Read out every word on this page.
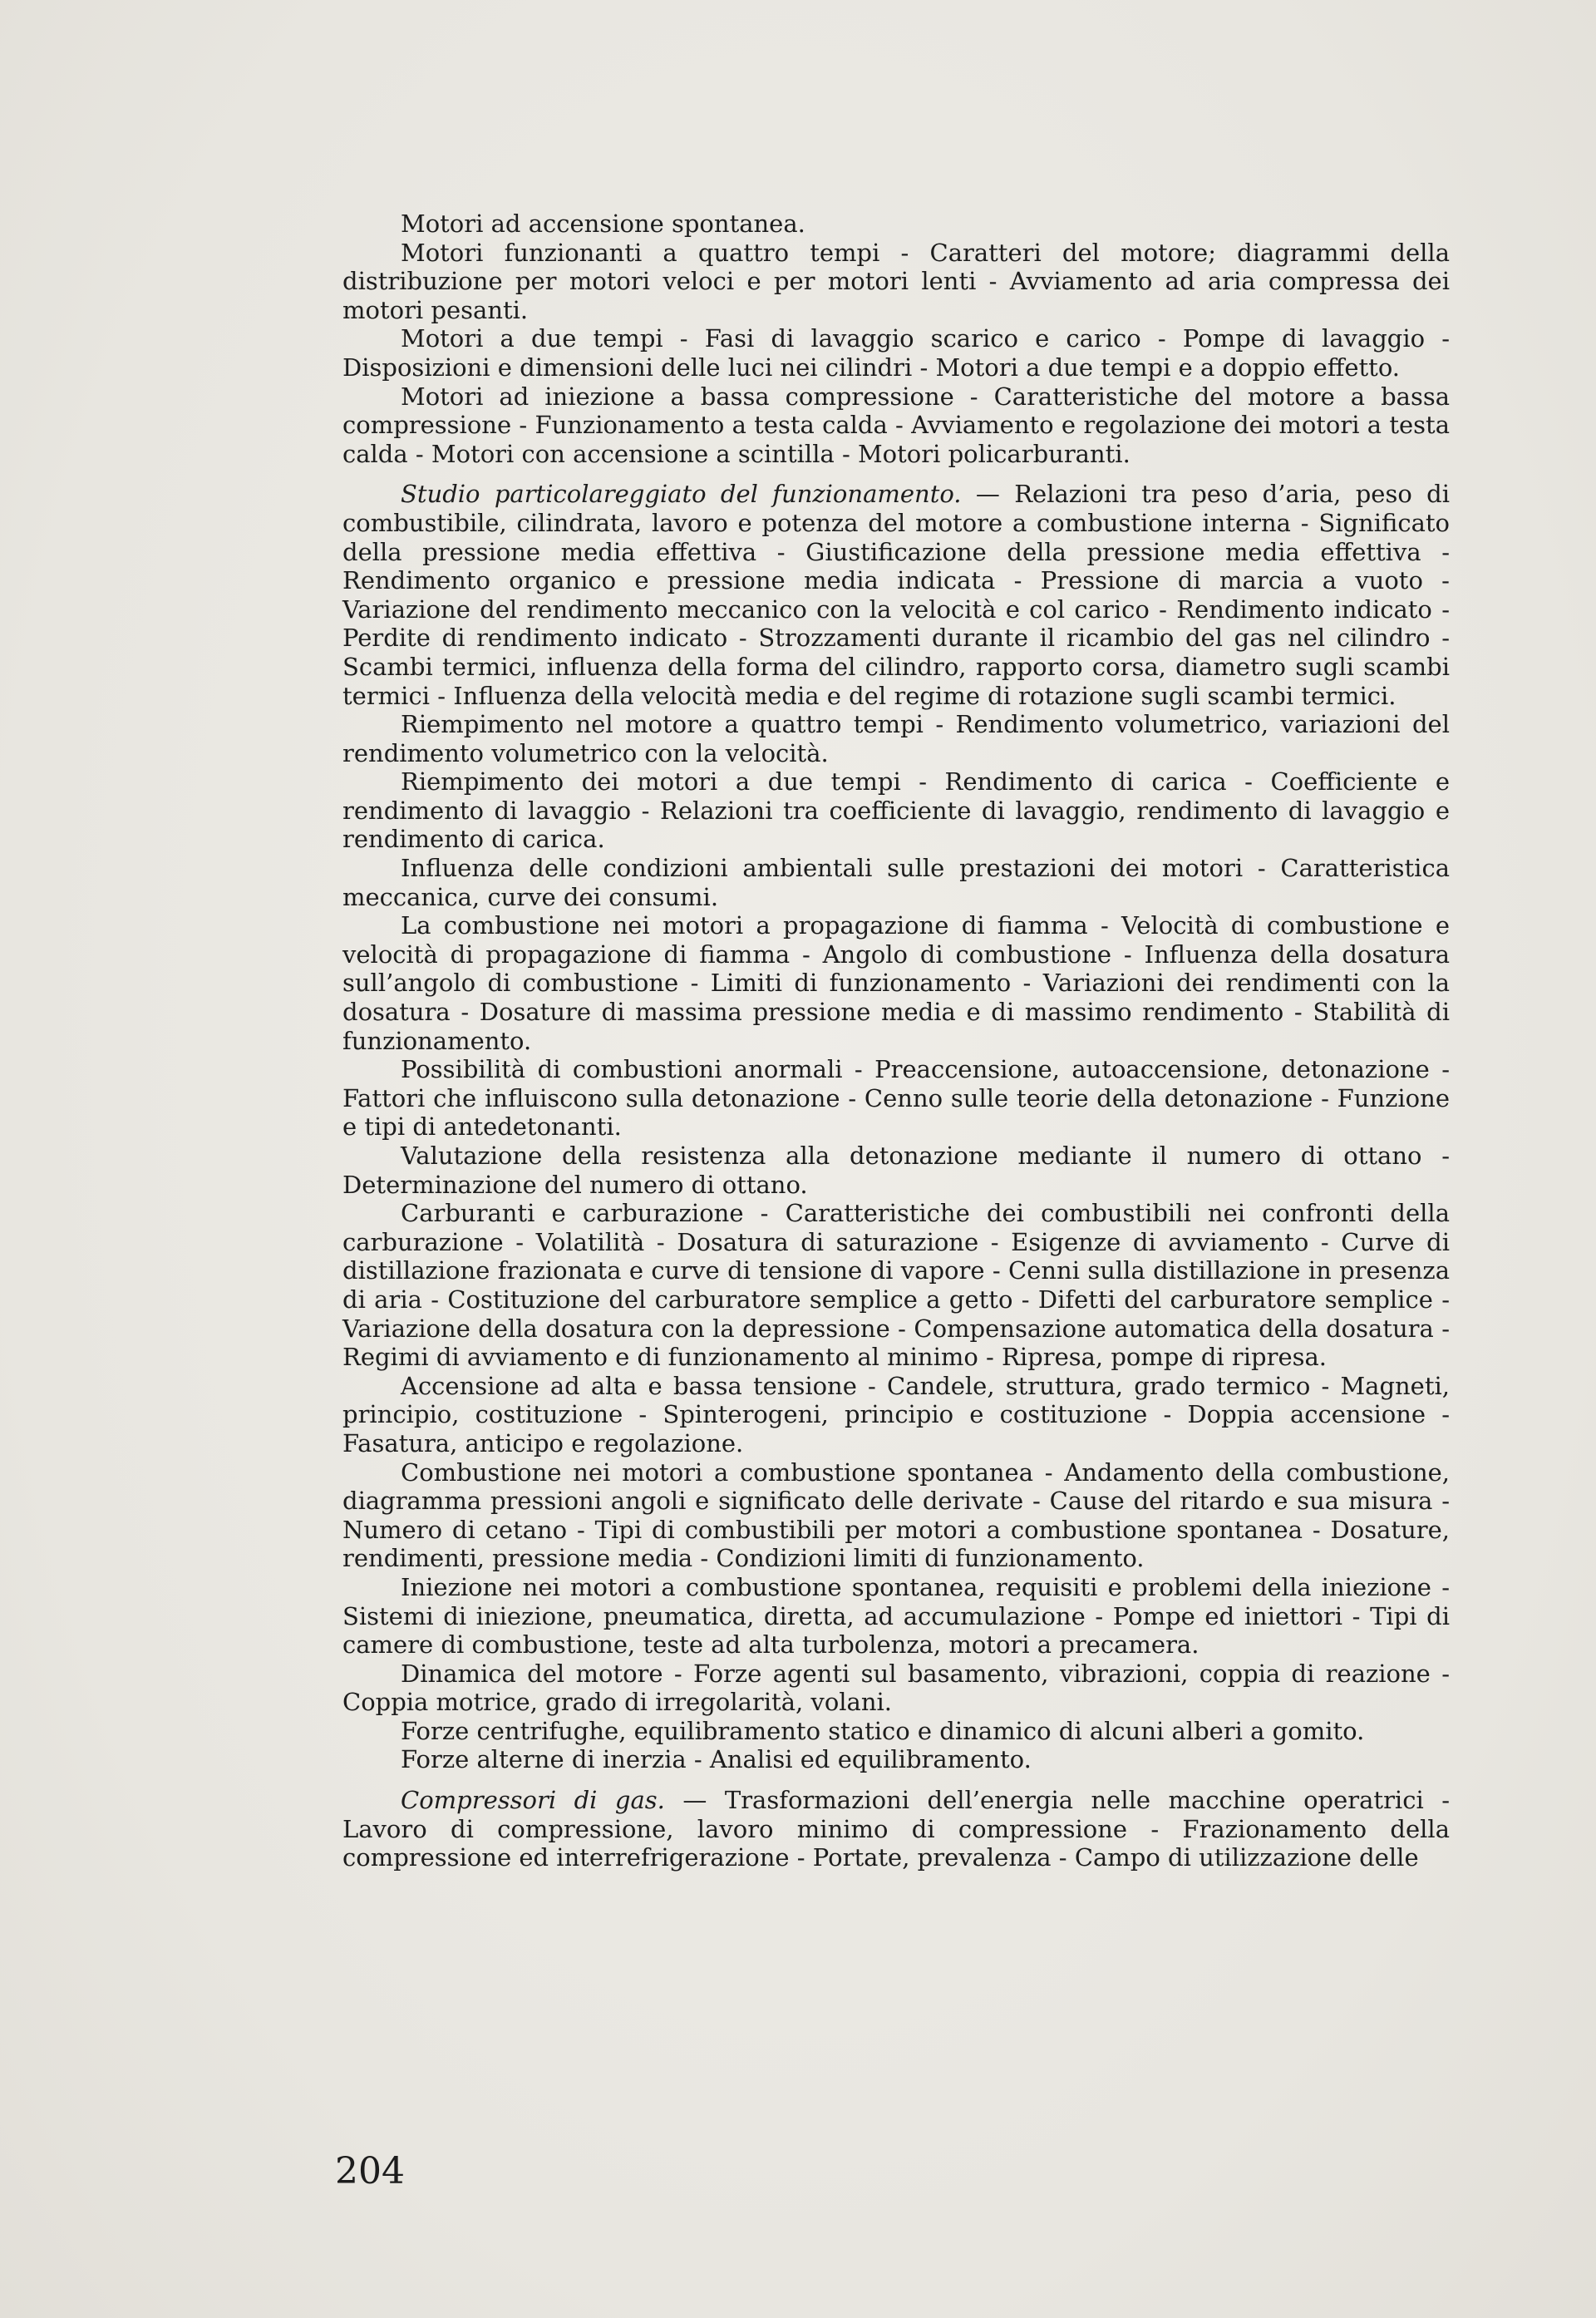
Motori ad accensione spontanea.

Motori funzionanti a quattro tempi - Caratteri del motore; diagrammi della distribuzione per motori veloci e per motori lenti - Avviamento ad aria compressa dei motori pesanti.

Motori a due tempi - Fasi di lavaggio scarico e carico - Pompe di lavaggio - Disposizioni e dimensioni delle luci nei cilindri - Motori a due tempi e a doppio effetto.

Motori ad iniezione a bassa compressione - Caratteristiche del motore a bassa compressione - Funzionamento a testa calda - Avviamento e regolazione dei motori a testa calda - Motori con accensione a scintilla - Motori policarburanti.

Studio particolareggiato del funzionamento. — Relazioni tra peso d’aria, peso di combustibile, cilindrata, lavoro e potenza del motore a combustione interna - Significato della pressione media effettiva - Giustificazione della pressione media effettiva - Rendimento organico e pressione media indicata - Pressione di marcia a vuoto - Variazione del rendimento meccanico con la velocità e col carico - Rendimento indicato - Perdite di rendimento indicato - Strozzamenti durante il ricambio del gas nel cilindro - Scambi termici, influenza della forma del cilindro, rapporto corsa, diametro sugli scambi termici - Influenza della velocità media e del regime di rotazione sugli scambi termici.

Riempimento nel motore a quattro tempi - Rendimento volumetrico, variazioni del rendimento volumetrico con la velocità.

Riempimento dei motori a due tempi - Rendimento di carica - Coefficiente e rendimento di lavaggio - Relazioni tra coefficiente di lavaggio, rendimento di lavaggio e rendimento di carica.

Influenza delle condizioni ambientali sulle prestazioni dei motori - Caratteristica meccanica, curve dei consumi.

La combustione nei motori a propagazione di fiamma - Velocità di combustione e velocità di propagazione di fiamma - Angolo di combustione - Influenza della dosatura sull’angolo di combustione - Limiti di funzionamento - Variazioni dei rendimenti con la dosatura - Dosature di massima pressione media e di massimo rendimento - Stabilità di funzionamento.

Possibilità di combustioni anormali - Preaccensione, autoaccensione, detonazione - Fattori che influiscono sulla detonazione - Cenno sulle teorie della detonazione - Funzione e tipi di antedetonanti.

Valutazione della resistenza alla detonazione mediante il numero di ottano - Determinazione del numero di ottano.

Carburanti e carburazione - Caratteristiche dei combustibili nei confronti della carburazione - Volatilità - Dosatura di saturazione - Esigenze di avviamento - Curve di distillazione frazionata e curve di tensione di vapore - Cenni sulla distillazione in presenza di aria - Costituzione del carburatore semplice a getto - Difetti del carburatore semplice - Variazione della dosatura con la depressione - Compensazione automatica della dosatura - Regimi di avviamento e di funzionamento al minimo - Ripresa, pompe di ripresa.

Accensione ad alta e bassa tensione - Candele, struttura, grado termico - Magneti, principio, costituzione - Spinterogeni, principio e costituzione - Doppia accensione - Fasatura, anticipo e regolazione.

Combustione nei motori a combustione spontanea - Andamento della combustione, diagramma pressioni angoli e significato delle derivate - Cause del ritardo e sua misura - Numero di cetano - Tipi di combustibili per motori a combustione spontanea - Dosature, rendimenti, pressione media - Condizioni limiti di funzionamento.

Iniezione nei motori a combustione spontanea, requisiti e problemi della iniezione - Sistemi di iniezione, pneumatica, diretta, ad accumulazione - Pompe ed iniettori - Tipi di camere di combustione, teste ad alta turbolenza, motori a precamera.

Dinamica del motore - Forze agenti sul basamento, vibrazioni, coppia di reazione - Coppia motrice, grado di irregolarità, volani.

Forze centrifughe, equilibramento statico e dinamico di alcuni alberi a gomito.

Forze alterne di inerzia - Analisi ed equilibramento.

Compressori di gas. — Trasformazioni dell’energia nelle macchine operatrici - Lavoro di compressione, lavoro minimo di compressione - Frazionamento della compressione ed interrefrigerazione - Portate, prevalenza - Campo di utilizzazione delle

204
